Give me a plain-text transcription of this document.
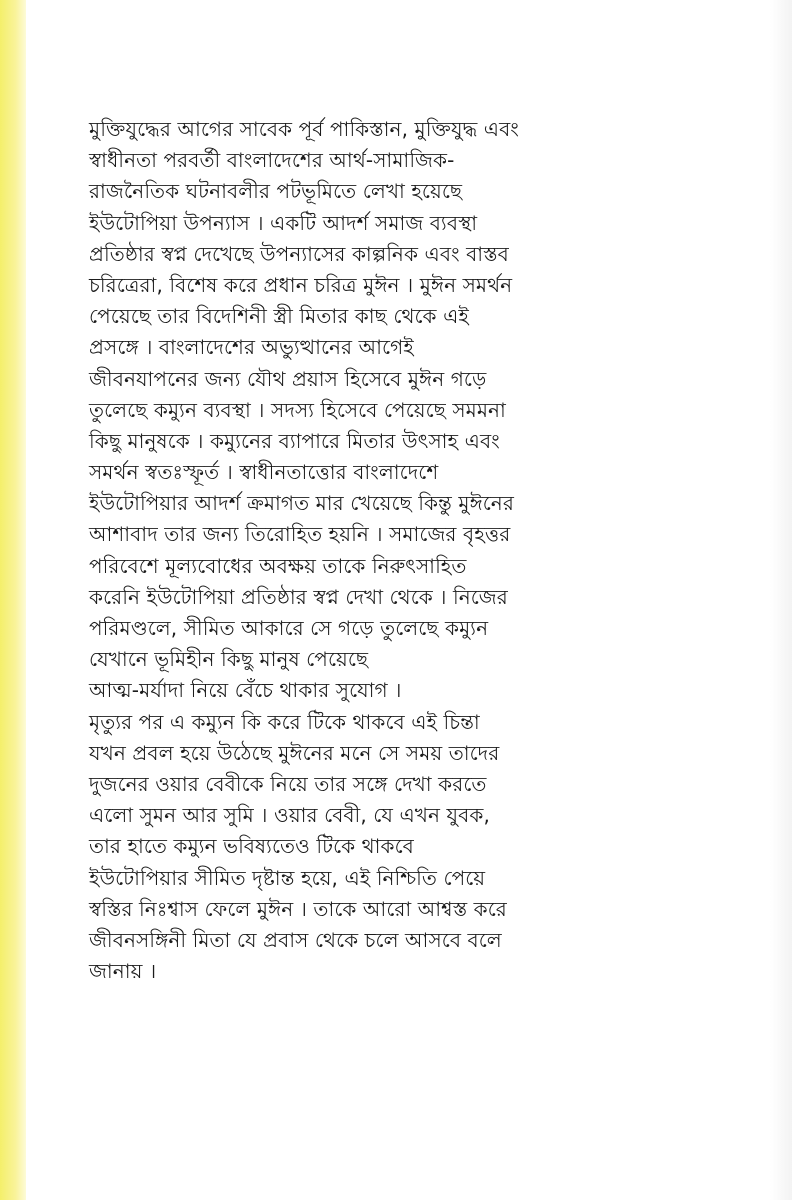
মুক্তিযুদ্ধের আগের সাবেক পূর্ব পাকিস্তান, মুক্তিযুদ্ধ এবং
স্বাধীনতা পরবর্তী বাংলাদেশের আর্থ-সামাজিক-
রাজনৈতিক ঘটনাবলীর পটভূমিতে লেখা হয়েছে
ইউটোপিয়া উপন্যাস । একটি আদর্শ সমাজ ব্যবস্থা
প্রতিষ্ঠার স্বপ্ন দেখেছে উপন্যাসের কাল্পনিক এবং বাস্তব
চরিত্রেরা, বিশেষ করে প্রধান চরিত্র মুঈন । মুঈন সমর্থন
পেয়েছে তার বিদেশিনী স্ত্রী মিতার কাছ থেকে এই
প্রসঙ্গে । বাংলাদেশের অভ্যুত্থানের আগেই
জীবনযাপনের জন্য যৌথ প্রয়াস হিসেবে মুঈন গড়ে
তুলেছে কম্যুন ব্যবস্থা । সদস্য হিসেবে পেয়েছে সমমনা
কিছু মানুষকে । কম্যুনের ব্যাপারে মিতার উৎসাহ এবং
সমর্থন স্বতঃস্ফূর্ত । স্বাধীনতাত্তোর বাংলাদেশে
ইউটোপিয়ার আদর্শ ক্রমাগত মার খেয়েছে কিন্তু মুঈনের
আশাবাদ তার জন্য তিরোহিত হয়নি । সমাজের বৃহত্তর
পরিবেশে মূল্যবোধের অবক্ষয় তাকে নিরুৎসাহিত
করেনি ইউটোপিয়া প্রতিষ্ঠার স্বপ্ন দেখা থেকে । নিজের
পরিমণ্ডলে, সীমিত আকারে সে গড়ে তুলেছে কম্যুন
যেখানে ভূমিহীন কিছু মানুষ পেয়েছে
আত্ম-মর্যাদা নিয়ে বেঁচে থাকার সুযোগ ।
মৃত্যুর পর এ কম্যুন কি করে টিকে থাকবে এই চিন্তা
যখন প্রবল হয়ে উঠেছে মুঈনের মনে সে সময় তাদের
দুজনের ওয়ার বেবীকে নিয়ে তার সঙ্গে দেখা করতে
এলো সুমন আর সুমি । ওয়ার বেবী, যে এখন যুবক,
তার হাতে কম্যুন ভবিষ্যতেও টিকে থাকবে
ইউটোপিয়ার সীমিত দৃষ্টান্ত হয়ে, এই নিশ্চিতি পেয়ে
স্বস্তির নিঃশ্বাস ফেলে মুঈন । তাকে আরো আশ্বস্ত করে
জীবনসঙ্গিনী মিতা যে প্রবাস থেকে চলে আসবে বলে
জানায় ।
